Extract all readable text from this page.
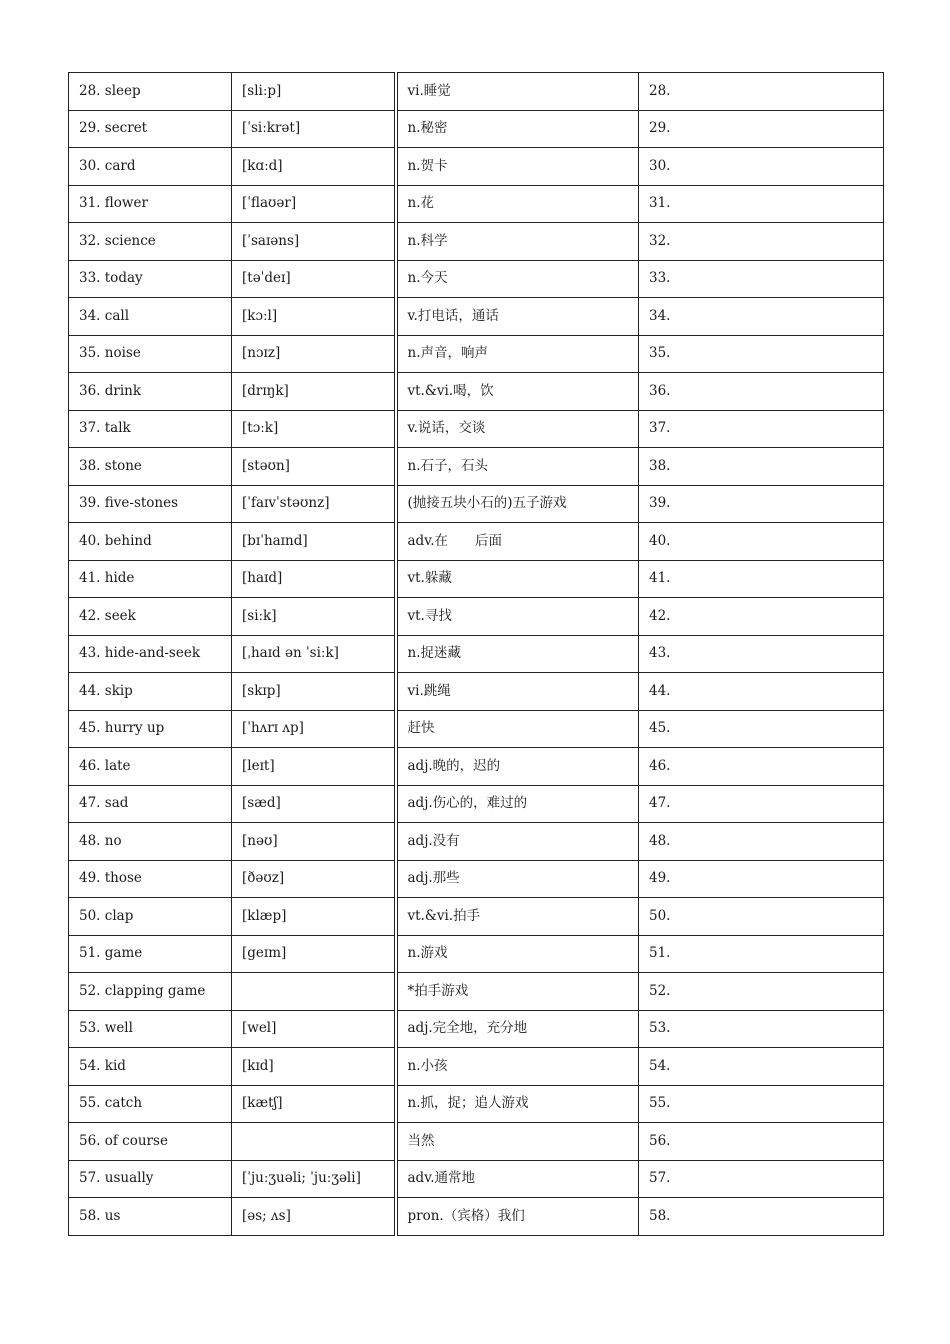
28. sleep	[sliːp]	vi.睡觉	28.
29. secret	[ˈsiːkrət]	n.秘密	29.
30. card	[kɑːd]	n.贺卡	30.
31. flower	[ˈflaʊər]	n.花	31.
32. science	[ˈsaɪəns]	n.科学	32.
33. today	[təˈdeɪ]	n.今天	33.
34. call	[kɔːl]	v.打电话，通话	34.
35. noise	[nɔɪz]	n.声音，响声	35.
36. drink	[drɪŋk]	vt.&vi.喝，饮	36.
37. talk	[tɔːk]	v.说话，交谈	37.
38. stone	[stəʊn]	n.石子，石头	38.
39. five-stones	[ˈfaɪvˈstəʊnz]	(抛接五块小石的)五子游戏	39.
40. behind	[bɪˈhaɪnd]	adv.在　　后面	40.
41. hide	[haɪd]	vt.躲藏	41.
42. seek	[siːk]	vt.寻找	42.
43. hide-and-seek	[ˌhaɪd ən ˈsiːk]	n.捉迷藏	43.
44. skip	[skɪp]	vi.跳绳	44.
45. hurry up	[ˈhʌrɪ ʌp]	赶快	45.
46. late	[leɪt]	adj.晚的，迟的	46.
47. sad	[sæd]	adj.伤心的，难过的	47.
48. no	[nəʊ]	adj.没有	48.
49. those	[ðəʊz]	adj.那些	49.
50. clap	[klæp]	vt.&vi.拍手	50.
51. game	[geɪm]	n.游戏	51.
52. clapping game		*拍手游戏	52.
53. well	[wel]	adj.完全地，充分地	53.
54. kid	[kɪd]	n.小孩	54.
55. catch	[kætʃ]	n.抓，捉；追人游戏	55.
56. of course		当然	56.
57. usually	[ˈjuːʒuəli; ˈjuːʒəli]	adv.通常地	57.
58. us	[əs; ʌs]	pron.（宾格）我们	58.
